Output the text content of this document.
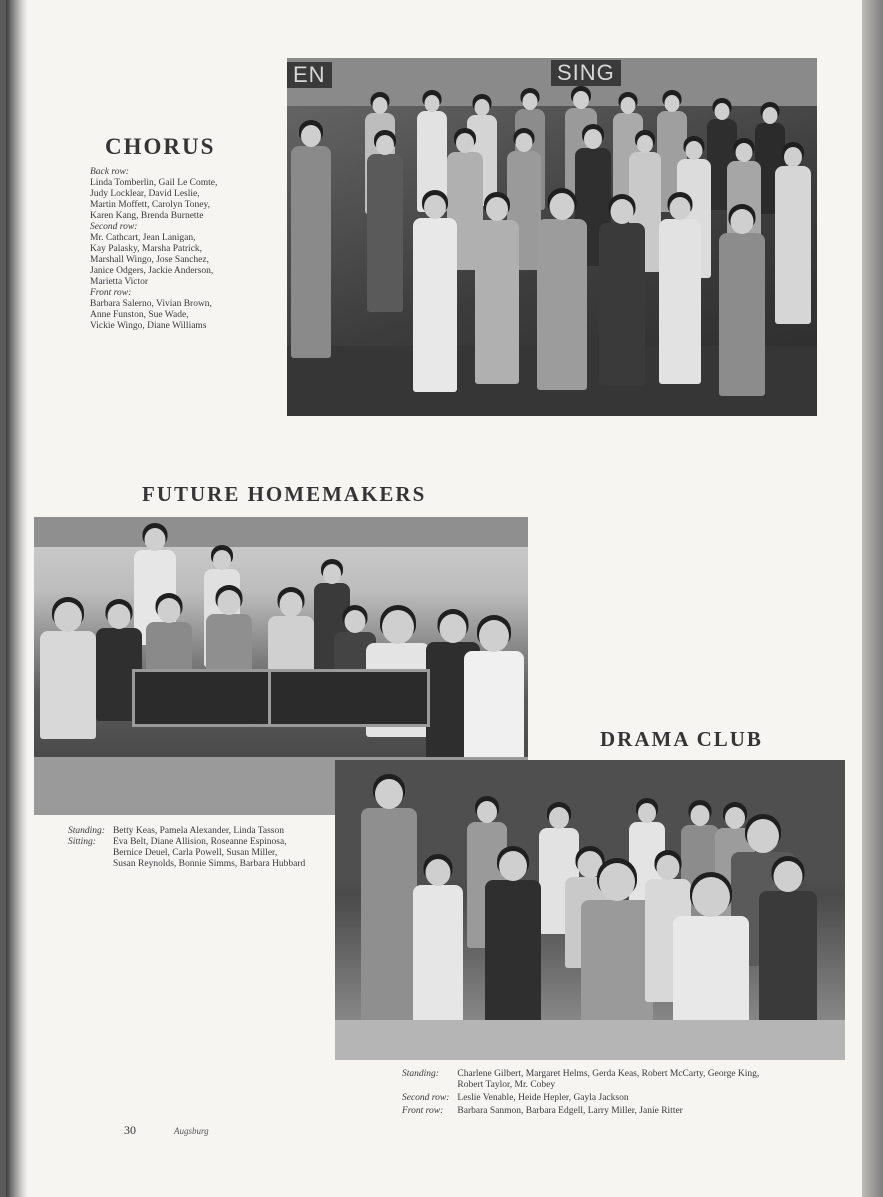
CHORUS
Back row:
Linda Tomberlin, Gail Le Comte,
Judy Locklear, David Leslie,
Martin Moffett, Carolyn Toney,
Karen Kang, Brenda Burnette
Second row:
Mr. Cathcart, Jean Lanigan,
Kay Palasky, Marsha Patrick,
Marshall Wingo, Jose Sanchez,
Janice Odgers, Jackie Anderson,
Marietta Victor
Front row:
Barbara Salerno, Vivian Brown,
Anne Funston, Sue Wade,
Vickie Wingo, Diane Williams
EN	SING
FUTURE HOMEMAKERS
Standing: Betty Keas, Pamela Alexander, Linda Tasson
Sitting:	Eva Belt, Diane Allision, Roseanne Espinosa,
Bernice Deuel, Carla Powell, Susan Miller,
Susan Reynolds, Bonnie Simms, Barbara Hubbard
DRAMA CLUB
Standing:	Charlene Gilbert, Margaret Helms, Gerda Keas, Robert McCarty, George King,
Robert Taylor, Mr. Cobey
Second row: Leslie Venable, Heide Hepler, Gayla Jackson
Front row:	Barbara Sanmon, Barbara Edgell, Larry Miller, Janie Ritter
30	Augsburg
